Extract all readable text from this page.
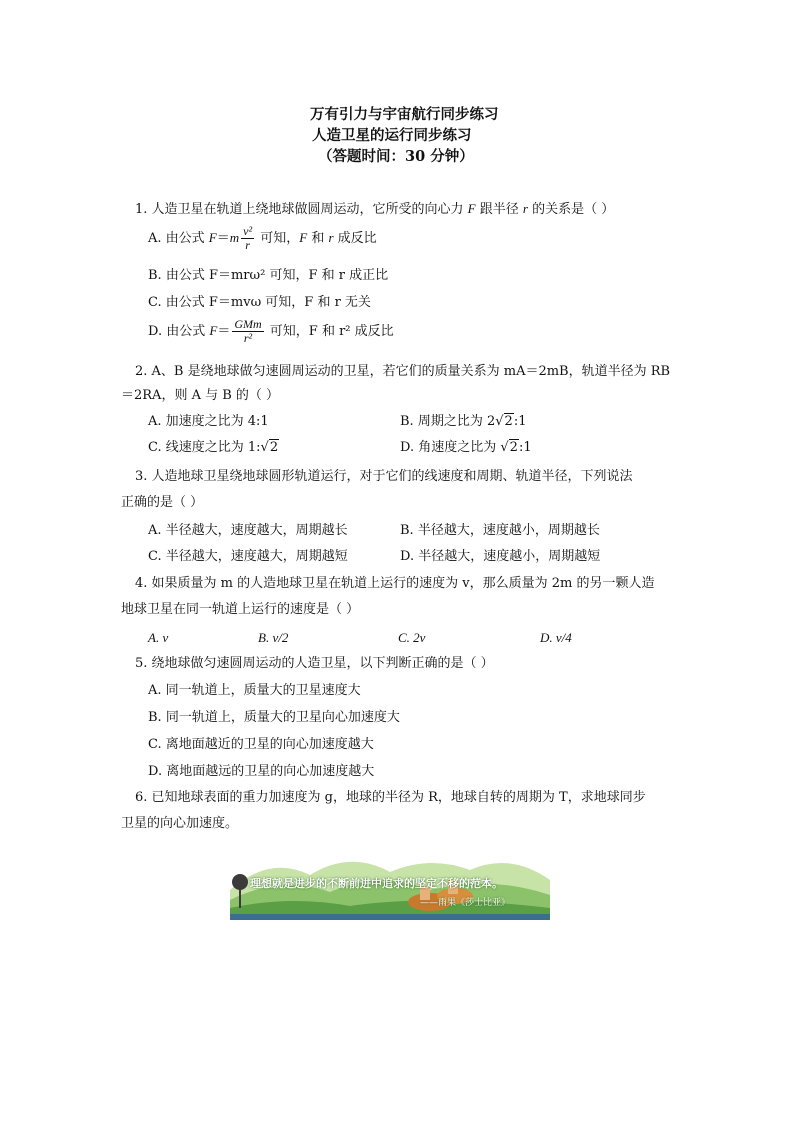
万有引力与宇宙航行同步练习
人造卫星的运行同步练习
（答题时间：30 分钟）
1. 人造卫星在轨道上绕地球做圆周运动，它所受的向心力 F 跟半径 r 的关系是（ ）
A. 由公式 $F=m \frac{\text{v²}}{r}$ 可知，F 和 r 成反比
B. 由公式 F＝mrω² 可知，F 和 r 成正比
C. 由公式 F＝mvω 可知，F 和 r 无关
D. 由公式 $F= \frac{\text{GMm}}{\text{r²}}$ 可知，F 和 r² 成反比
2. A、B 是绕地球做匀速圆周运动的卫星，若它们的质量关系为 mA＝2mB，轨道半径为 RB
＝2RA，则 A 与 B 的（ ）
A. 加速度之比为 4:1	B. 周期之比为 2√2:1
C. 线速度之比为 1:√2	D. 角速度之比为 √2:1
3. 人造地球卫星绕地球圆形轨道运行，对于它们的线速度和周期、轨道半径，下列说法
正确的是（ ）
A. 半径越大，速度越大，周期越长	B. 半径越大，速度越小，周期越长
C. 半径越大，速度越大，周期越短	D. 半径越大，速度越小，周期越短
4. 如果质量为 m 的人造地球卫星在轨道上运行的速度为 v，那么质量为 2m 的另一颗人造
地球卫星在同一轨道上运行的速度是（ ）
A. v	B. v/2	C. 2v	D. v/4
5. 绕地球做匀速圆周运动的人造卫星，以下判断正确的是（ ）
A. 同一轨道上，质量大的卫星速度大
B. 同一轨道上，质量大的卫星向心加速度大
C. 离地面越近的卫星的向心加速度越大
D. 离地面越远的卫星的向心加速度越大
6. 已知地球表面的重力加速度为 g，地球的半径为 R，地球自转的周期为 T，求地球同步
卫星的向心加速度。
理想就是进步的不断前进中追求的坚定不移的范本。
——雨果《莎士比亚》
